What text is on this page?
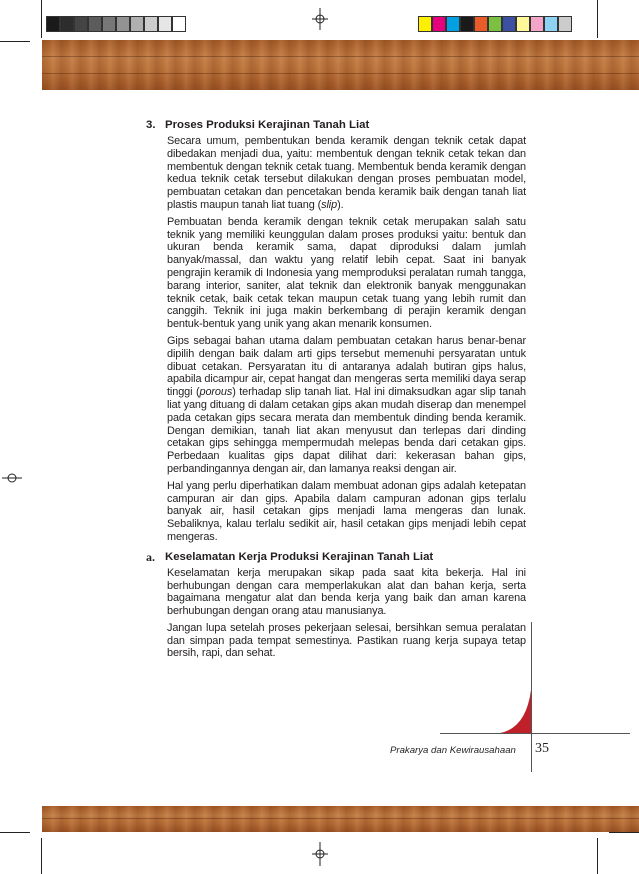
3. Proses Produksi Kerajinan Tanah Liat

Secara umum, pembentukan benda keramik dengan teknik cetak dapat dibedakan menjadi dua, yaitu: membentuk dengan teknik cetak tekan dan membentuk dengan teknik cetak tuang. Membentuk benda keramik dengan kedua teknik cetak tersebut dilakukan dengan proses pembuatan model, pembuatan cetakan dan pencetakan benda keramik baik dengan tanah liat plastis maupun tanah liat tuang (slip).

Pembuatan benda keramik dengan teknik cetak merupakan salah satu teknik yang memiliki keunggulan dalam proses produksi yaitu: bentuk dan ukuran benda keramik sama, dapat diproduksi dalam jumlah banyak/massal, dan waktu yang relatif lebih cepat. Saat ini banyak pengrajin keramik di Indonesia yang memproduksi peralatan rumah tangga, barang interior, saniter, alat teknik dan elektronik banyak menggunakan teknik cetak, baik cetak tekan maupun cetak tuang yang lebih rumit dan canggih. Teknik ini juga makin berkembang di perajin keramik dengan bentuk-bentuk yang unik yang akan menarik konsumen.

Gips sebagai bahan utama dalam pembuatan cetakan harus benar-benar dipilih dengan baik dalam arti gips tersebut memenuhi persyaratan untuk dibuat cetakan. Persyaratan itu di antaranya adalah butiran gips halus, apabila dicampur air, cepat hangat dan mengeras serta memiliki daya serap tinggi (porous) terhadap slip tanah liat. Hal ini dimaksudkan agar slip tanah liat yang dituang di dalam cetakan gips akan mudah diserap dan menempel pada cetakan gips secara merata dan membentuk dinding benda keramik. Dengan demikian, tanah liat akan menyusut dan terlepas dari dinding cetakan gips sehingga mempermudah melepas benda dari cetakan gips. Perbedaan kualitas gips dapat dilihat dari: kekerasan bahan gips, perbandingannya dengan air, dan lamanya reaksi dengan air.

Hal yang perlu diperhatikan dalam membuat adonan gips adalah ketepatan campuran air dan gips. Apabila dalam campuran adonan gips terlalu banyak air, hasil cetakan gips menjadi lama mengeras dan lunak. Sebaliknya, kalau terlalu sedikit air, hasil cetakan gips menjadi lebih cepat mengeras.

a. Keselamatan Kerja Produksi Kerajinan Tanah Liat

Keselamatan kerja merupakan sikap pada saat kita bekerja. Hal ini berhubungan dengan cara memperlakukan alat dan bahan kerja, serta bagaimana mengatur alat dan benda kerja yang baik dan aman karena berhubungan dengan orang atau manusianya.

Jangan lupa setelah proses pekerjaan selesai, bersihkan semua peralatan dan simpan pada tempat semestinya. Pastikan ruang kerja supaya tetap bersih, rapi, dan sehat.

Prakarya dan Kewirausahaan 35
